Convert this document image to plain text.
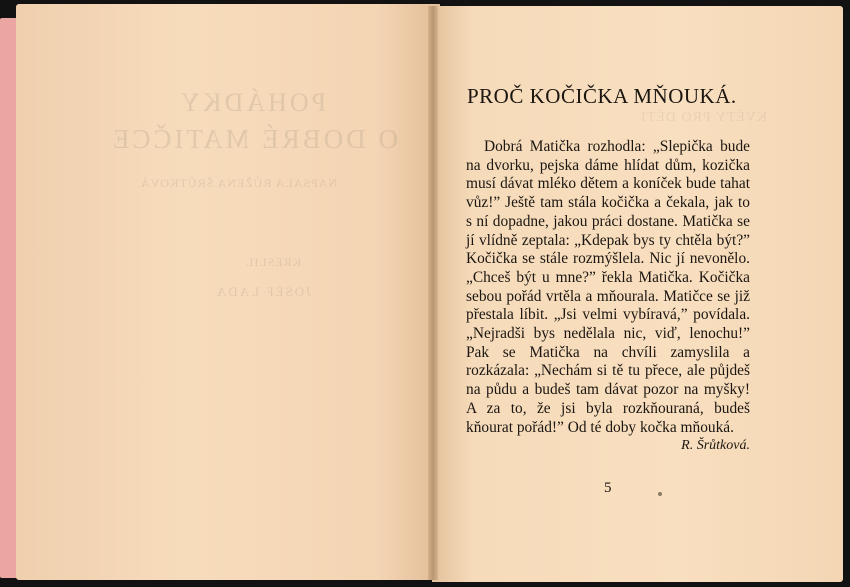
POHÁDKY
O DOBRÉ MATIČCE
NAPSALA RŮŽENA ŠRŮTKOVÁ
KRESLIL
JOSEF LADA
KVĚTY PRO DĚTI
PROČ KOČIČKA MŇOUKÁ.

Dobrá Matička rozhodla: „Slepička bude na dvorku, pejska dáme hlídat dům, kozička musí dávat mléko dětem a koníček bude tahat vůz!” Ještě tam stála kočička a čekala, jak to s ní dopadne, jakou práci dostane. Matička se jí vlídně zeptala: „Kdepak bys ty chtěla být?” Kočička se stále rozmýšlela. Nic jí nevonělo. „Chceš být u mne?” řekla Matička. Kočička sebou pořád vrtěla a mňourala. Matičce se již přestala líbit. „Jsi velmi vybíravá,” povídala. „Nejradši bys nedělala nic, viď, lenochu!” Pak se Matička na chvíli zamyslila a rozkázala: „Nechám si tě tu přece, ale půjdeš na půdu a budeš tam dávat pozor na myšky! A za to, že jsi byla rozkňouraná, budeš kňourat pořád!” Od té doby kočka mňouká.
R. Šrůtková.

5
